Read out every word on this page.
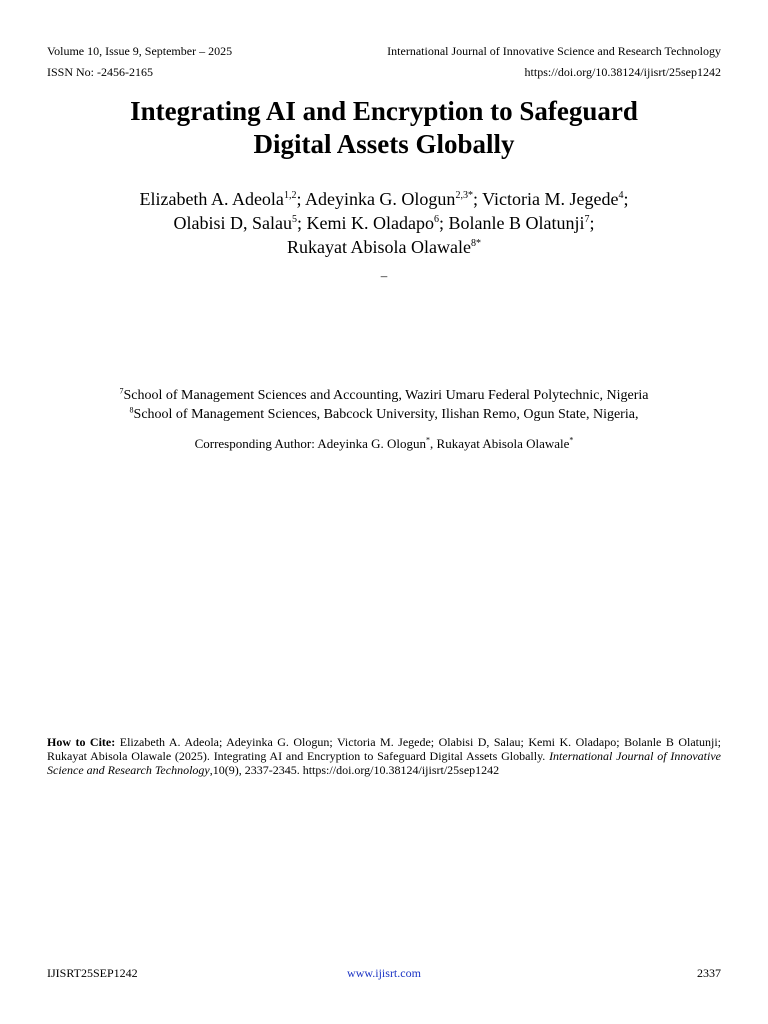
Volume 10, Issue 9, September – 2025	International Journal of Innovative Science and Research Technology
ISSN No: -2456-2165	https://doi.org/10.38124/ijisrt/25sep1242
Integrating AI and Encryption to Safeguard
Digital Assets Globally
Elizabeth A. Adeola$^{1,2}$; Adeyinka G. Ologun$^{2,3*}$; Victoria M. Jegede$^4$;
Olabisi D, Salau$^5$; Kemi K. Oladapo$^6$; Bolanle B Olatunji$^7$;
Rukayat Abisola Olawale$^{8*}$
–
$^7$School of Management Sciences and Accounting, Waziri Umaru Federal Polytechnic, Nigeria
$^8$School of Management Sciences, Babcock University, Ilishan Remo, Ogun State, Nigeria,
Corresponding Author: Adeyinka G. Ologun*, Rukayat Abisola Olawale*
How to Cite: Elizabeth A. Adeola; Adeyinka G. Ologun; Victoria M. Jegede; Olabisi D, Salau; Kemi K. Oladapo; Bolanle B Olatunji; Rukayat Abisola Olawale (2025). Integrating AI and Encryption to Safeguard Digital Assets Globally. International Journal of Innovative Science and Research Technology,10(9), 2337-2345. https://doi.org/10.38124/ijisrt/25sep1242
IJISRT25SEP1242	www.ijisrt.com	2337
